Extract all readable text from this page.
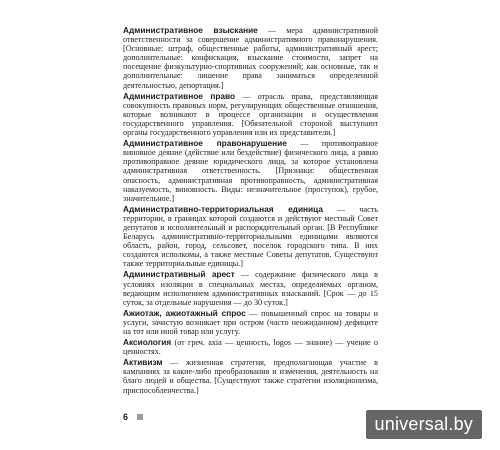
Административное взыскание — мера административной ответственности за совершение административного правонарушения. [Основные: штраф, общественные работы, административный арест; дополнительные: конфискация, взыскание стоимости, запрет на посещение физкультурно-спортивных сооружений; как основные, так и дополнительные: лишение права заниматься определенной деятельностью, депортация.]

Административное право — отрасль права, представляющая совокупность правовых норм, регулирующих общественные отношения, которые возникают в процессе организации и осуществления государственного управления. [Обязательной стороной выступают органы государственного управления или их представители.]

Административное правонарушение — противоправное виновное деяние (действие или бездействие) физического лица, а равно противоправное деяние юридического лица, за которое установлена административная ответственность. [Признаки: общественная опасность, административная противоправность, административная наказуемость, виновность. Виды: незначительное (проступок), грубое, значительное.]

Административно-территориальная единица — часть территории, в границах которой создаются и действуют местный Совет депутатов и исполнительный и распорядительный орган. [В Республике Беларусь административно-территориальными единицами являются область, район, город, сельсовет, поселок городского типа. В них создаются исполкомы, а также местные Советы депутатов. Существуют также территориальные единицы.]

Административный арест — содержание физического лица в условиях изоляции в специальных местах, определяемых органом, ведающим исполнением административных взысканий. [Срок — до 15 суток, за отдельные нарушения — до 30 суток.]

Ажиотаж, ажиотажный спрос — повышенный спрос на товары и услуги, зачастую возникает при остром (часто неожиданном) дефиците на тот или иной товар или услугу.

Аксиология (от греч. axia — ценность, logos — знание) — учение о ценностях.

Активизм — жизненная стратегия, предполагающая участие в кампаниях за какие-либо преобразования и изменения, деятельность на благо людей и общества. [Существуют также стратегии изоляционизма, приспособленчества.]

6	universal.by
